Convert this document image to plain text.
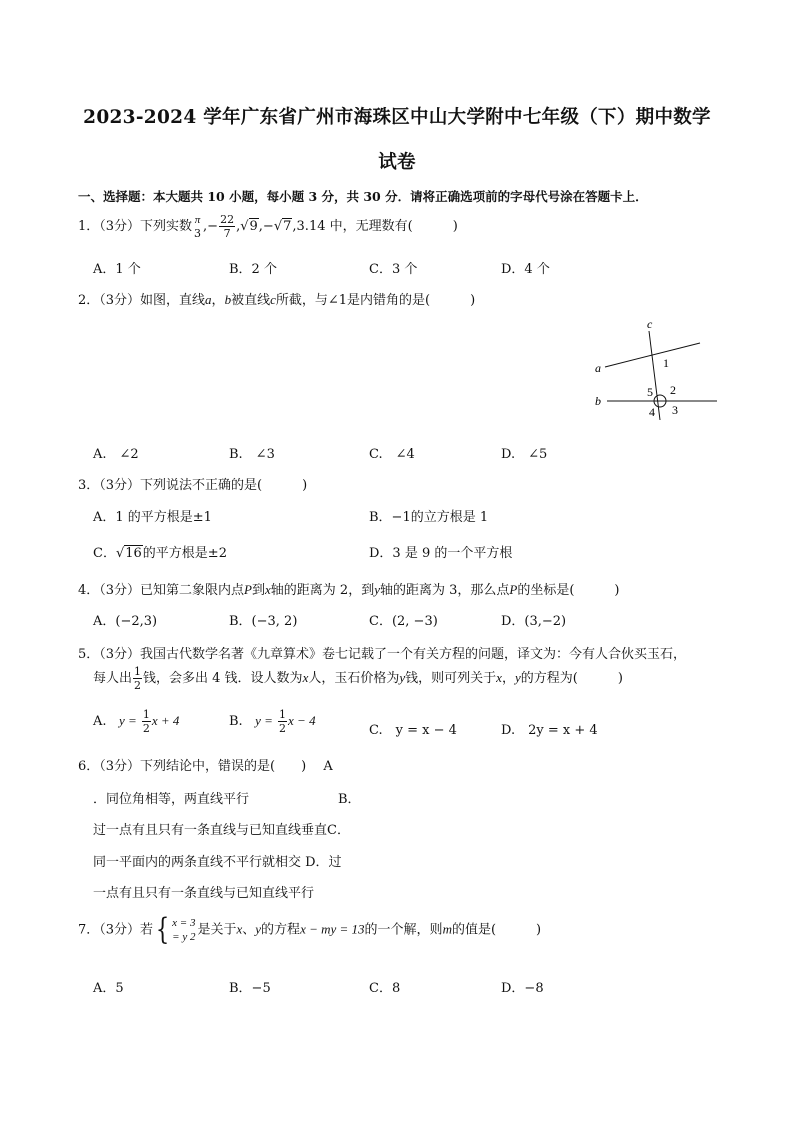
2023-2024 学年广东省广州市海珠区中山大学附中七年级（下）期中数学
试卷
一、选择题：本大题共 10 小题，每小题 3 分，共 30 分．请将正确选项前的字母代号涂在答题卡上．
1．（3分）下列实数 π
3 ,− $\frac{22}{7} ,√9,-√7,3.14$ 中，无理数有(	)
A．1 个	B．2 个	C．3 个	D．4 个
2．（3分）如图，直线a，b被直线c所截，与∠1是内错角的是(	)
c
a
b
1
2
3
4
5
A.　∠2	B.　∠3	C.　∠4	D.　∠5
3．（3分）下列说法不正确的是(	)
A．1 的平方根是±1	B．−1的立方根是 1
C．√16的平方根是±2	D．3 是 9 的一个平方根
4．（3分）已知第二象限内点P到x轴的距离为 2，到y轴的距离为 3，那么点P的坐标是(	)
A．(−2,3)	B．(−3, 2)	C．(2, −3)	D．(3,−2)
5．（3分）我国古代数学名著《九章算术》卷七记载了一个有关方程的问题，译文为：今有人合伙买玉石，
每人出 $\frac{1}{2}$ 钱，会多出 4 钱．设人数为x人，玉石价格为y钱，则可列关于x，y的方程为(	)
A. $y = \frac{1}{2}$ x + 4	B. $y = \frac{1}{2}$ x − 4
C.　y = x − 4	D.　2y = x + 4
6．（3分）下列结论中，错误的是(　　)　 A
．同位角相等，两直线平行	B．
过一点有且只有一条直线与已知直线垂直C．
同一平面内的两条直线不平行就相交 D．过
一点有且只有一条直线与已知直线平行
7．（3分）若{ x = 3
= y 2 是关于x、y的方程x − my = 13的一个解，则m的值是(	)
A．5	B．−5	C．8	D．−8
